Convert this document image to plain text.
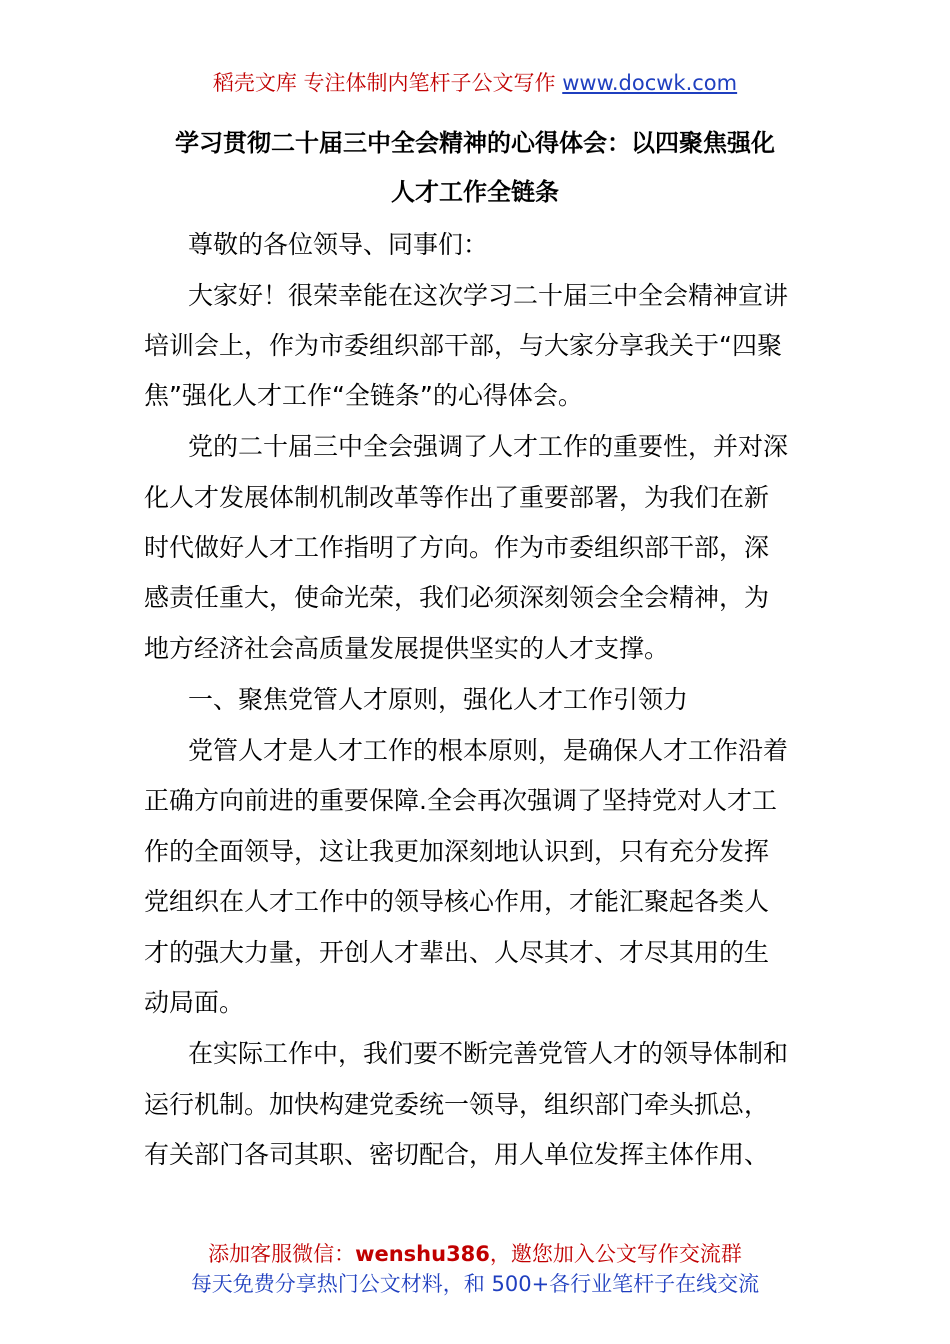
稻壳文库 专注体制内笔杆子公文写作 www.docwk.com
学习贯彻二十届三中全会精神的心得体会：以四聚焦强化
人才工作全链条
尊敬的各位领导、同事们：
大家好！很荣幸能在这次学习二十届三中全会精神宣讲
培训会上，作为市委组织部干部，与大家分享我关于“四聚
焦”强化人才工作“全链条”的心得体会。
党的二十届三中全会强调了人才工作的重要性，并对深
化人才发展体制机制改革等作出了重要部署，为我们在新
时代做好人才工作指明了方向。作为市委组织部干部，深
感责任重大，使命光荣，我们必须深刻领会全会精神，为
地方经济社会高质量发展提供坚实的人才支撑。
一、聚焦党管人才原则，强化人才工作引领力
党管人才是人才工作的根本原则，是确保人才工作沿着
正确方向前进的重要保障.全会再次强调了坚持党对人才工
作的全面领导，这让我更加深刻地认识到，只有充分发挥
党组织在人才工作中的领导核心作用，才能汇聚起各类人
才的强大力量，开创人才辈出、人尽其才、才尽其用的生
动局面。
在实际工作中，我们要不断完善党管人才的领导体制和
运行机制。加快构建党委统一领导，组织部门牵头抓总，
有关部门各司其职、密切配合，用人单位发挥主体作用、
添加客服微信：wenshu386，邀您加入公文写作交流群
每天免费分享热门公文材料，和 500+各行业笔杆子在线交流
